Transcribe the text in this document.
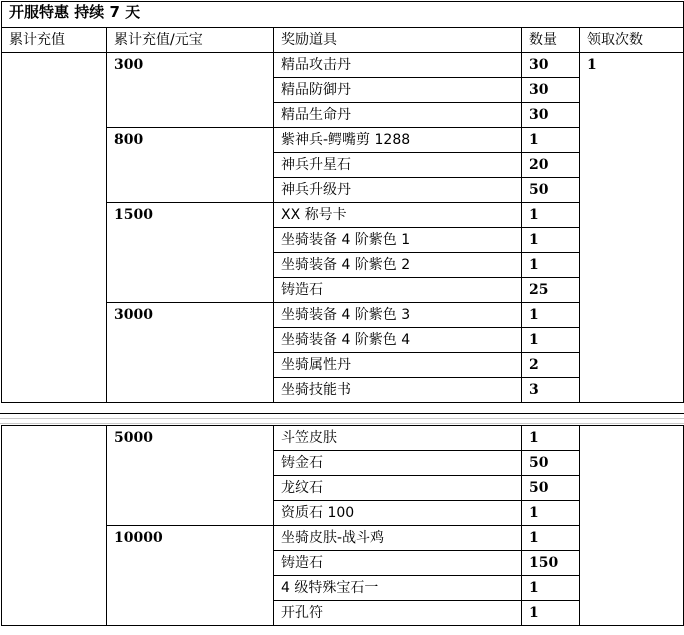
开服特惠 持续 7 天				
累计充值	累计充值/元宝	奖励道具	数量	领取次数
	300	精品攻击丹	30	1
		精品防御丹	30	
		精品生命丹	30	
	800	紫神兵-鳄嘴剪 1288	1	
		神兵升星石	20	
		神兵升级丹	50	
	1500	XX 称号卡	1	
		坐骑装备 4 阶紫色 1	1	
		坐骑装备 4 阶紫色 2	1	
		铸造石	25	
	3000	坐骑装备 4 阶紫色 3	1	
		坐骑装备 4 阶紫色 4	1	
		坐骑属性丹	2	
		坐骑技能书	3	
	5000	斗笠皮肤	1	
		铸金石	50	
		龙纹石	50	
		资质石 100	1	
	10000	坐骑皮肤-战斗鸡	1	
		铸造石	150	
		4 级特殊宝石一	1	
		开孔符	1	
